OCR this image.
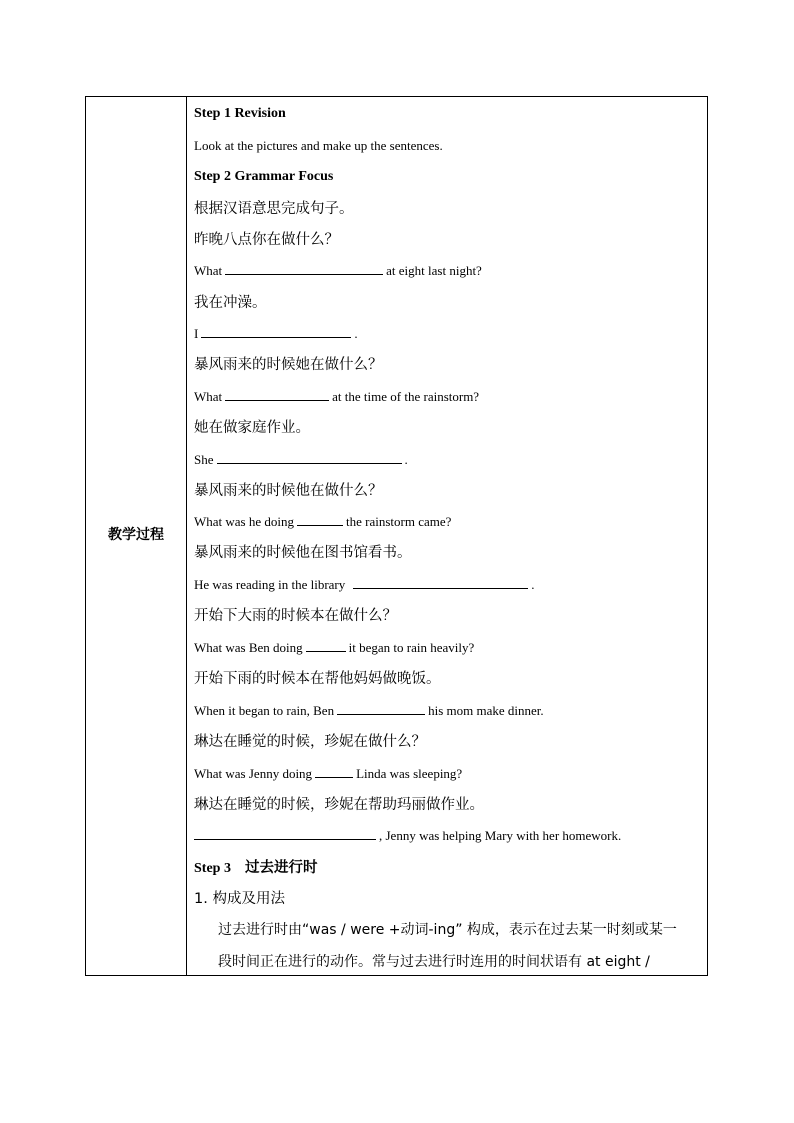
教学过程
Step 1 Revision
Look at the pictures and make up the sentences.
Step 2 Grammar Focus
根据汉语意思完成句子。
昨晚八点你在做什么？
What	at eight last night?
我在冲澡。
I	.
暴风雨来的时候她在做什么？
What	at the time of the rainstorm?
她在做家庭作业。
She	.
暴风雨来的时候他在做什么？
What was he doing	the rainstorm came?
暴风雨来的时候他在图书馆看书。
He was reading in the library	.
开始下大雨的时候本在做什么？
What was Ben doing	it began to rain heavily?
开始下雨的时候本在帮他妈妈做晚饭。
When it began to rain, Ben	his mom make dinner.
琳达在睡觉的时候，珍妮在做什么？
What was Jenny doing	Linda was sleeping?
琳达在睡觉的时候，珍妮在帮助玛丽做作业。
, Jenny was helping Mary with her homework.
Step 3 过去进行时
1. 构成及用法
过去进行时由“was / were +动词-ing” 构成，表示在过去某一时刻或某一
段时间正在进行的动作。常与过去进行时连用的时间状语有 at eight /
